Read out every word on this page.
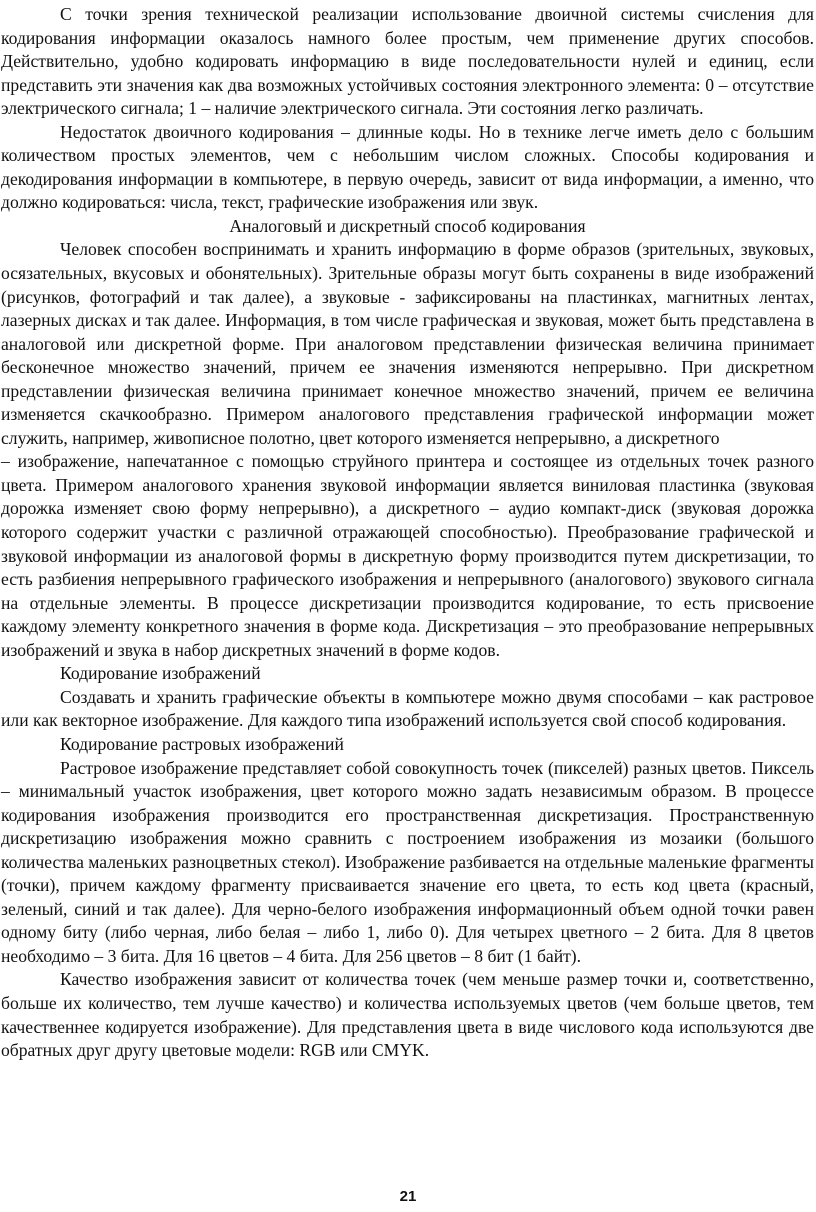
С точки зрения технической реализации использование двоичной системы счисления для кодирования информации оказалось намного более простым, чем применение других способов. Действительно, удобно кодировать информацию в виде последовательности нулей и единиц, если представить эти значения как два возможных устойчивых состояния электронного элемента: 0 – отсутствие электрического сигнала; 1 – наличие электрического сигнала. Эти состояния легко различать.

Недостаток двоичного кодирования – длинные коды. Но в технике легче иметь дело с большим количеством простых элементов, чем с небольшим числом сложных. Способы кодирования и декодирования информации в компьютере, в первую очередь, зависит от вида информации, а именно, что должно кодироваться: числа, текст, графические изображения или звук.

Аналоговый и дискретный способ кодирования

Человек способен воспринимать и хранить информацию в форме образов (зрительных, звуковых, осязательных, вкусовых и обонятельных). Зрительные образы могут быть сохранены в виде изображений (рисунков, фотографий и так далее), а звуковые - зафиксированы на пластинках, магнитных лентах, лазерных дисках и так далее. Информация, в том числе графическая и звуковая, может быть представлена в аналоговой или дискретной форме. При аналоговом представлении физическая величина принимает бесконечное множество значений, причем ее значения изменяются непрерывно. При дискретном представлении физическая величина принимает конечное множество значений, причем ее величина изменяется скачкообразно. Примером аналогового представления графической информации может служить, например, живописное полотно, цвет которого изменяется непрерывно, а дискретного

– изображение, напечатанное с помощью струйного принтера и состоящее из отдельных точек разного цвета. Примером аналогового хранения звуковой информации является виниловая пластинка (звуковая дорожка изменяет свою форму непрерывно), а дискретного – аудио компакт-диск (звуковая дорожка которого содержит участки с различной отражающей способностью). Преобразование графической и звуковой информации из аналоговой формы в дискретную форму производится путем дискретизации, то есть разбиения непрерывного графического изображения и непрерывного (аналогового) звукового сигнала на отдельные элементы. В процессе дискретизации производится кодирование, то есть присвоение каждому элементу конкретного значения в форме кода. Дискретизация – это преобразование непрерывных изображений и звука в набор дискретных значений в форме кодов.

Кодирование изображений

Создавать и хранить графические объекты в компьютере можно двумя способами – как растровое или как векторное изображение. Для каждого типа изображений используется свой способ кодирования.

Кодирование растровых изображений

Растровое изображение представляет собой совокупность точек (пикселей) разных цветов. Пиксель – минимальный участок изображения, цвет которого можно задать независимым образом. В процессе кодирования изображения производится его пространственная дискретизация. Пространственную дискретизацию изображения можно сравнить с построением изображения из мозаики (большого количества маленьких разноцветных стекол). Изображение разбивается на отдельные маленькие фрагменты (точки), причем каждому фрагменту присваивается значение его цвета, то есть код цвета (красный, зеленый, синий и так далее). Для черно-белого изображения информационный объем одной точки равен одному биту (либо черная, либо белая – либо 1, либо 0). Для четырех цветного – 2 бита. Для 8 цветов необходимо – 3 бита. Для 16 цветов – 4 бита. Для 256 цветов – 8 бит (1 байт).

Качество изображения зависит от количества точек (чем меньше размер точки и, соответственно, больше их количество, тем лучше качество) и количества используемых цветов (чем больше цветов, тем качественнее кодируется изображение). Для представления цвета в виде числового кода используются две обратных друг другу цветовые модели: RGB или CMYK.

21
